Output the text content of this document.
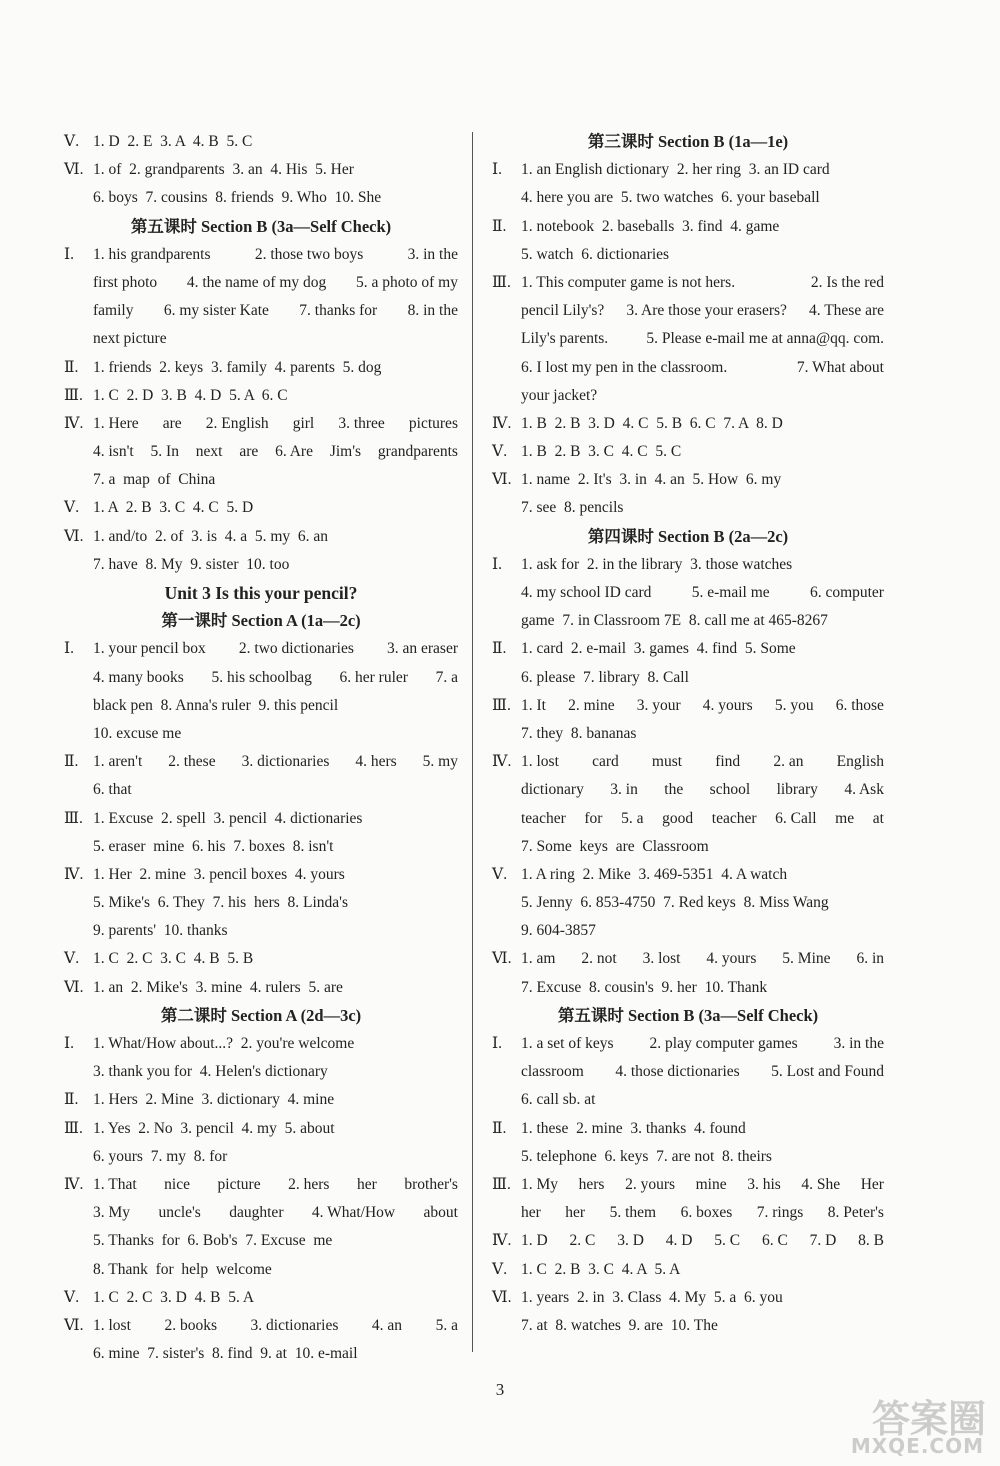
Ⅴ. 1. D  2. E  3. A  4. B  5. C
Ⅵ. 1. of  2. grandparents  3. an  4. His  5. Her
6. boys  7. cousins  8. friends  9. Who  10. She
第五课时 Section B (3a—Self Check)
Ⅰ.	1. his grandparents	2. those two boys	3. in the
first photo 4. the name of my dog 5. a photo of my
family 6. my sister Kate 7. thanks for 8. in the
next picture
Ⅱ. 1. friends  2. keys  3. family  4. parents  5. dog
Ⅲ. 1. C  2. D  3. B  4. D  5. A  6. C
Ⅳ. 1. Here are 2. English girl 3. three pictures
4. isn't 5. In next are 6. Are Jim's grandparents
7. a  map  of  China
Ⅴ. 1. A  2. B  3. C  4. C  5. D
Ⅵ. 1. and/to  2. of  3. is  4. a  5. my  6. an
7. have  8. My  9. sister  10. too
Unit 3 Is this your pencil?
第一课时 Section A (1a—2c)
Ⅰ.	1. your pencil box 2. two dictionaries 3. an eraser
4. many books 5. his schoolbag 6. her ruler 7. a
black pen  8. Anna's ruler  9. this pencil
10. excuse me
Ⅱ. 1. aren't 2. these 3. dictionaries 4. hers 5. my
6. that
Ⅲ. 1. Excuse  2. spell  3. pencil  4. dictionaries
5. eraser  mine  6. his  7. boxes  8. isn't
Ⅳ. 1. Her  2. mine  3. pencil boxes  4. yours
5. Mike's  6. They  7. his  hers  8. Linda's
9. parents'  10. thanks
Ⅴ. 1. C  2. C  3. C  4. B  5. B
Ⅵ. 1. an  2. Mike's  3. mine  4. rulers  5. are
第二课时 Section A (2d—3c)
Ⅰ. 1. What/How about...?  2. you're welcome
3. thank you for  4. Helen's dictionary
Ⅱ. 1. Hers  2. Mine  3. dictionary  4. mine
Ⅲ. 1. Yes  2. No  3. pencil  4. my  5. about
6. yours  7. my  8. for
Ⅳ. 1. That nice picture 2. hers her brother's
3. My uncle's daughter 4. What/How about
5. Thanks  for  6. Bob's  7. Excuse  me
8. Thank  for  help  welcome
Ⅴ. 1. C  2. C  3. D  4. B  5. A
Ⅵ. 1. lost 2. books 3. dictionaries 4. an 5. a
6. mine  7. sister's  8. find  9. at  10. e-mail
第三课时 Section B (1a—1e)
Ⅰ. 1. an English dictionary  2. her ring  3. an ID card
4. here you are  5. two watches  6. your baseball
Ⅱ. 1. notebook  2. baseballs  3. find  4. game
5. watch  6. dictionaries
Ⅲ. 1. This computer game is not hers.	2. Is the red
pencil Lily's? 3. Are those your erasers? 4. These are
Lily's parents. 5. Please e-mail me at anna@qq. com.
6. I lost my pen in the classroom.	7. What about
your jacket?
Ⅳ. 1. B  2. B  3. D  4. C  5. B  6. C  7. A  8. D
Ⅴ. 1. B  2. B  3. C  4. C  5. C
Ⅵ. 1. name  2. It's  3. in  4. an  5. How  6. my
7. see  8. pencils
第四课时 Section B (2a—2c)
Ⅰ. 1. ask for  2. in the library  3. those watches
4. my school ID card	5. e-mail me	6. computer
game  7. in Classroom 7E  8. call me at 465-8267
Ⅱ. 1. card  2. e-mail  3. games  4. find  5. Some
6. please  7. library  8. Call
Ⅲ. 1. It 2. mine 3. your 4. yours 5. you 6. those
7. they  8. bananas
Ⅳ. 1. lost card must find 2. an English
dictionary 3. in the school library 4. Ask
teacher for 5. a good teacher 6. Call me at
7. Some  keys  are  Classroom
Ⅴ. 1. A ring  2. Mike  3. 469-5351  4. A watch
5. Jenny  6. 853-4750  7. Red keys  8. Miss Wang
9. 604-3857
Ⅵ. 1. am 2. not 3. lost 4. yours 5. Mine 6. in
7. Excuse  8. cousin's  9. her  10. Thank
第五课时 Section B (3a—Self Check)
Ⅰ.	1. a set of keys 2. play computer games 3. in the
classroom 4. those dictionaries 5. Lost and Found
6. call sb. at
Ⅱ. 1. these  2. mine  3. thanks  4. found
5. telephone  6. keys  7. are not  8. theirs
Ⅲ. 1. My hers 2. yours mine 3. his 4. She Her
her her 5. them 6. boxes 7. rings 8. Peter's
Ⅳ. 1. D 2. C 3. D 4. D 5. C 6. C 7. D 8. B
Ⅴ. 1. C  2. B  3. C  4. A  5. A
Ⅵ. 1. years  2. in  3. Class  4. My  5. a  6. you
7. at  8. watches  9. are  10. The
3
答案圈
MXQE.COM
